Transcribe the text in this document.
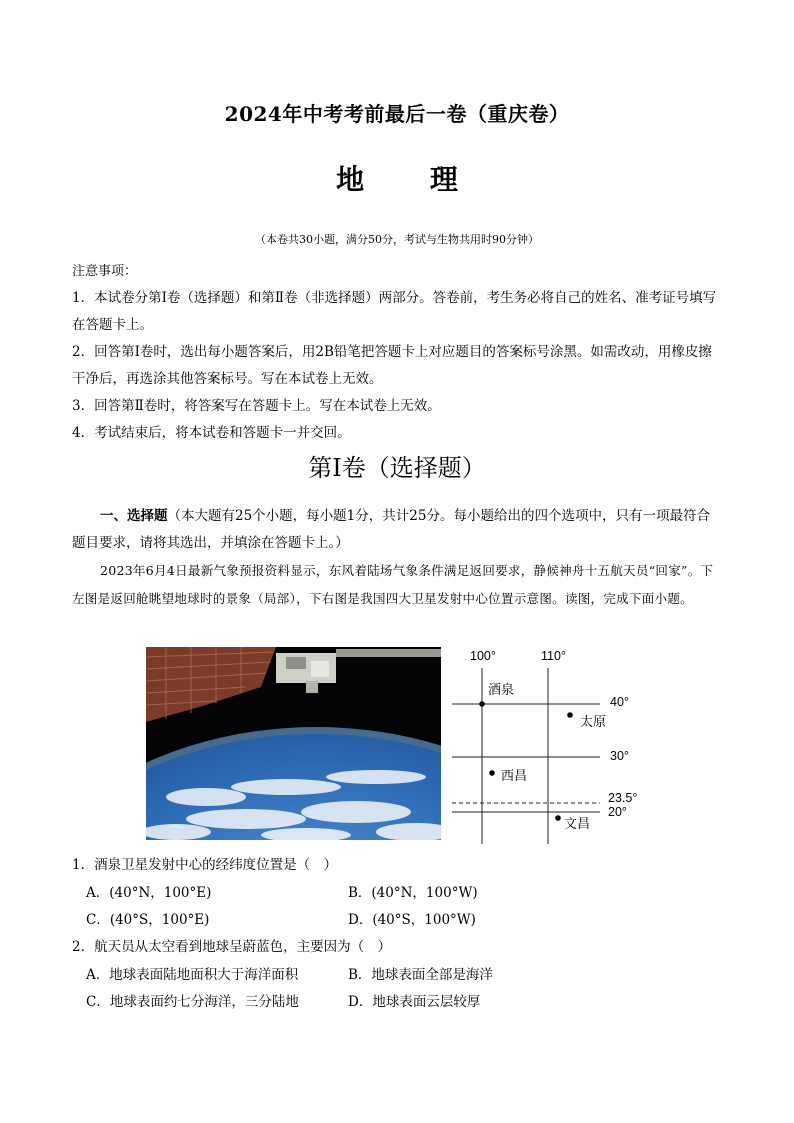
2024年中考考前最后一卷（重庆卷）
地 理
（本卷共30小题，满分50分，考试与生物共用时90分钟）
注意事项：

1．本试卷分第Ⅰ卷（选择题）和第Ⅱ卷（非选择题）两部分。答卷前，考生务必将自己的姓名、准考证号填写在答题卡上。

2．回答第Ⅰ卷时，选出每小题答案后，用2B铅笔把答题卡上对应题目的答案标号涂黑。如需改动，用橡皮擦干净后，再选涂其他答案标号。写在本试卷上无效。

3．回答第Ⅱ卷时，将答案写在答题卡上。写在本试卷上无效。

4．考试结束后，将本试卷和答题卡一并交回。

第I卷（选择题）
一、选择题（本大题有25个小题，每小题1分，共计25分。每小题给出的四个选项中，只有一项最符合题目要求，请将其选出，并填涂在答题卡上。）
2023年6月4日最新气象预报资料显示，东风着陆场气象条件满足返回要求，静候神舟十五航天员“回家”。下左图是返回舱眺望地球时的景象（局部），下右图是我国四大卫星发射中心位置示意图。读图，完成下面小题。
100°	110°
40°
30°
23.5°
20°
酒泉
太原
西昌
文昌
1．酒泉卫星发射中心的经纬度位置是（　）
A．(40°N，100°E)	B．(40°N，100°W)
C．(40°S，100°E)	D．(40°S，100°W)
2．航天员从太空看到地球呈蔚蓝色，主要因为（　）
A．地球表面陆地面积大于海洋面积	B．地球表面全部是海洋
C．地球表面约七分海洋，三分陆地	D．地球表面云层较厚
